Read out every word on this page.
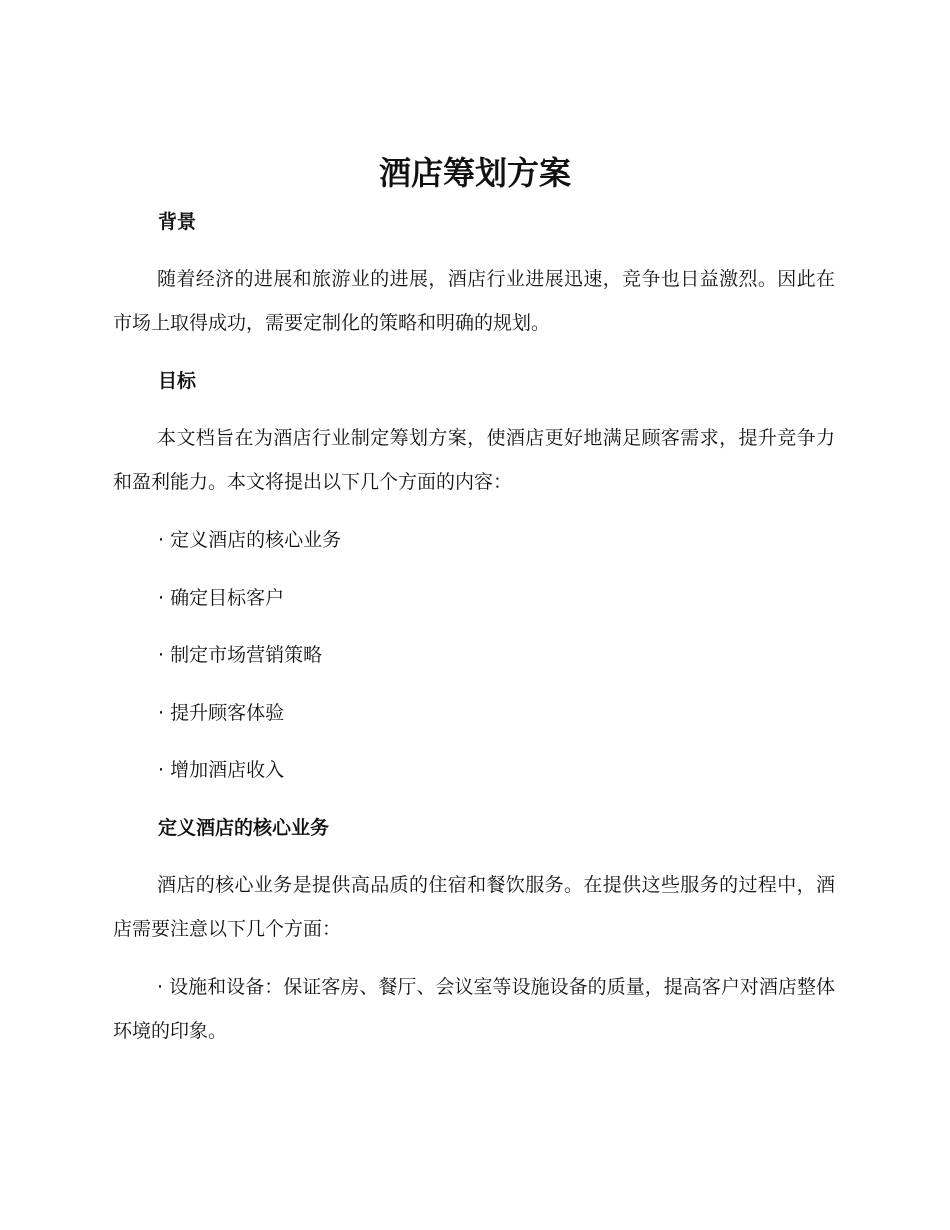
酒店筹划方案
背景

随着经济的进展和旅游业的进展，酒店行业进展迅速，竞争也日益激烈。因此在市场上取得成功，需要定制化的策略和明确的规划。

目标

本文档旨在为酒店行业制定筹划方案，使酒店更好地满足顾客需求，提升竞争力和盈利能力。本文将提出以下几个方面的内容：

· 定义酒店的核心业务

· 确定目标客户

· 制定市场营销策略

· 提升顾客体验

· 增加酒店收入

定义酒店的核心业务

酒店的核心业务是提供高品质的住宿和餐饮服务。在提供这些服务的过程中，酒店需要注意以下几个方面：

· 设施和设备：保证客房、餐厅、会议室等设施设备的质量，提高客户对酒店整体环境的印象。
